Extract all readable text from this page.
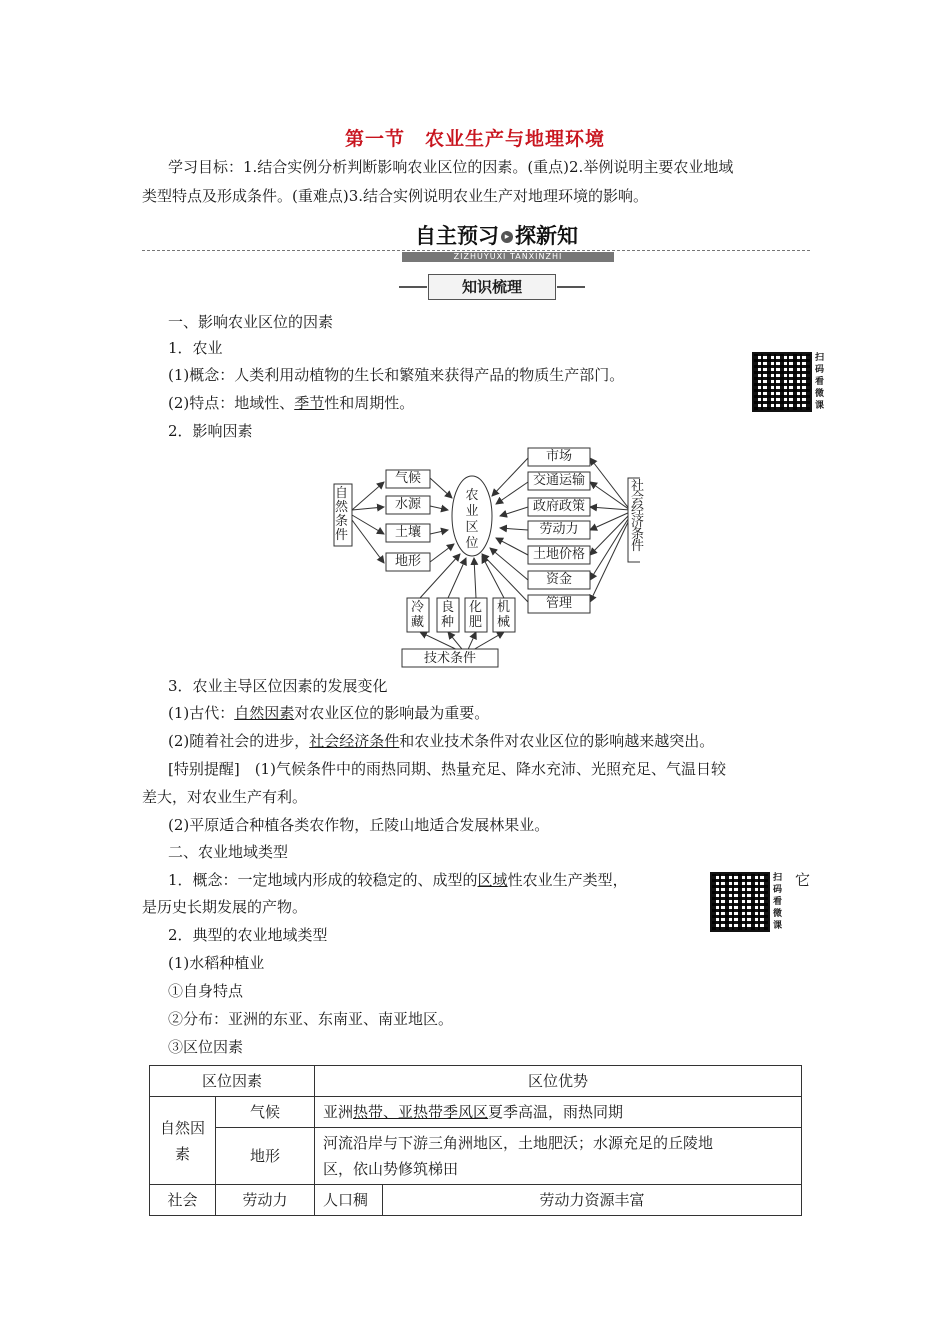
第一节　农业生产与地理环境
学习目标：1.结合实例分析判断影响农业区位的因素。(重点)2.举例说明主要农业地域
类型特点及形成条件。(重难点)3.结合实例说明农业生产对地理环境的影响。
自主预习 ▸ 探新知
ZIZHUYUXI TANXINZHI
知识梳理
一、影响农业区位的因素
1．农业
(1)概念：人类利用动植物的生长和繁殖来获得产品的物质生产部门。
(2)特点：地域性、季节性和周期性。
2．影响因素
扫码看微课
农业区位
自然条件
社会经济条件
技术条件
气候
水源
土壤
地形
市场
交通运输
政府政策
劳动力
土地价格
资金
管理
冷藏
良种
化肥
机械
3．农业主导区位因素的发展变化
(1)古代：自然因素对农业区位的影响最为重要。
(2)随着社会的进步，社会经济条件和农业技术条件对农业区位的影响越来越突出。
[特别提醒]　(1)气候条件中的雨热同期、热量充足、降水充沛、光照充足、气温日较
差大，对农业生产有利。
(2)平原适合种植各类农作物，丘陵山地适合发展林果业。
二、农业地域类型
1．概念：一定地域内形成的较稳定的、成型的区域性农业生产类型，	它
是历史长期发展的产物。
扫码看微课
2．典型的农业地域类型
(1)水稻种植业
①自身特点
②分布：亚洲的东亚、东南亚、南亚地区。
③区位因素
区位因素		区位优势	
自然因素	气候	亚洲热带、亚热带季风区夏季高温，雨热同期	
	地形	河流沿岸与下游三角洲地区，土地肥沃；水源充足的丘陵地
区，依山势修筑梯田	

社会	劳动力	人口稠	劳动力资源丰富
